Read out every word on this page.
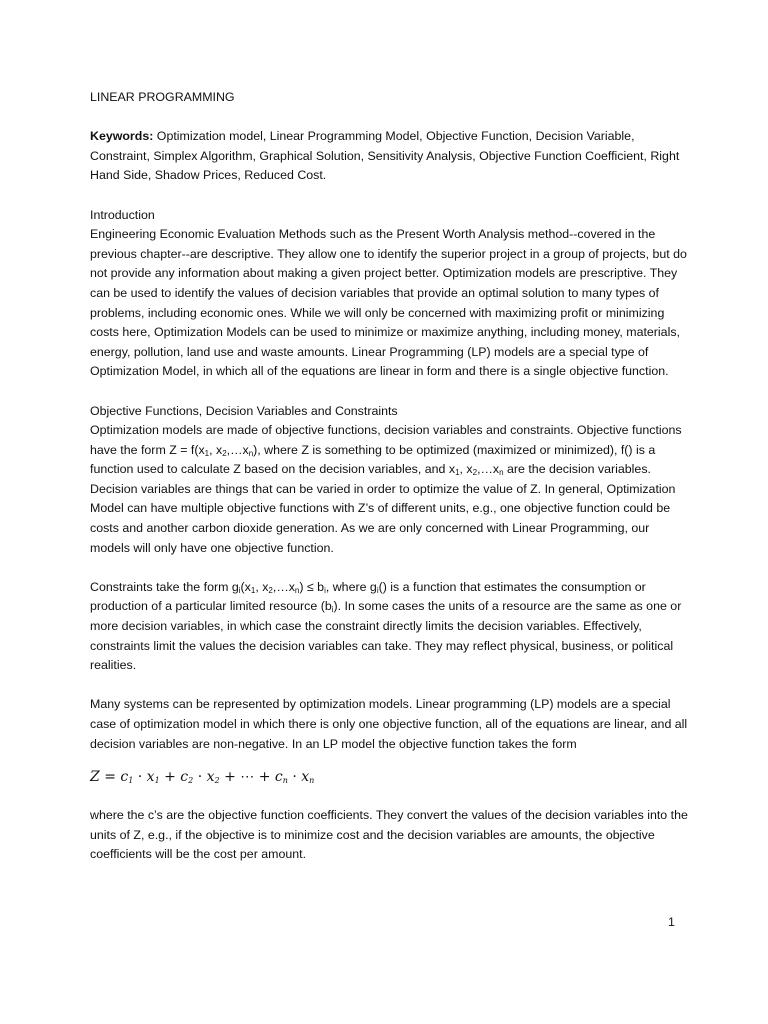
LINEAR PROGRAMMING

Keywords: Optimization model, Linear Programming Model, Objective Function, Decision Variable, Constraint, Simplex Algorithm, Graphical Solution, Sensitivity Analysis, Objective Function Coefficient, Right Hand Side, Shadow Prices, Reduced Cost.

Introduction

Engineering Economic Evaluation Methods such as the Present Worth Analysis method--covered in the previous chapter--are descriptive. They allow one to identify the superior project in a group of projects, but do not provide any information about making a given project better. Optimization models are prescriptive. They can be used to identify the values of decision variables that provide an optimal solution to many types of problems, including economic ones. While we will only be concerned with maximizing profit or minimizing costs here, Optimization Models can be used to minimize or maximize anything, including money, materials, energy, pollution, land use and waste amounts. Linear Programming (LP) models are a special type of Optimization Model, in which all of the equations are linear in form and there is a single objective function.

Objective Functions, Decision Variables and Constraints

Optimization models are made of objective functions, decision variables and constraints. Objective functions have the form $Z = f(x_1$, $x_2,\dots x_n$), where Z is something to be optimized (maximized or minimized), f() is a function used to calculate Z based on the decision variables, and $x_1$, $x_2,\dots x_n$ are the decision variables. Decision variables are things that can be varied in order to optimize the value of Z. In general, Optimization Model can have multiple objective functions with Z’s of different units, e.g., one objective function could be costs and another carbon dioxide generation. As we are only concerned with Linear Programming, our models will only have one objective function.

Constraints take the form $g_i(x_1$, $x_2,\dots x_n) \le b_i$, where $g_i()$ is a function that estimates the consumption or production of a particular limited resource $(b_i)$. In some cases the units of a resource are the same as one or more decision variables, in which case the constraint directly limits the decision variables. Effectively, constraints limit the values the decision variables can take. They may reflect physical, business, or political realities.

Many systems can be represented by optimization models. Linear programming (LP) models are a special case of optimization model in which there is only one objective function, all of the equations are linear, and all decision variables are non-negative. In an LP model the objective function takes the form

$Z = c_1 \cdot x_1 + c_2 \cdot x_2$ + ⋯ + $c_n \cdot x_n$

where the c’s are the objective function coefficients. They convert the values of the decision variables into the units of Z, e.g., if the objective is to minimize cost and the decision variables are amounts, the objective coefficients will be the cost per amount.

1
